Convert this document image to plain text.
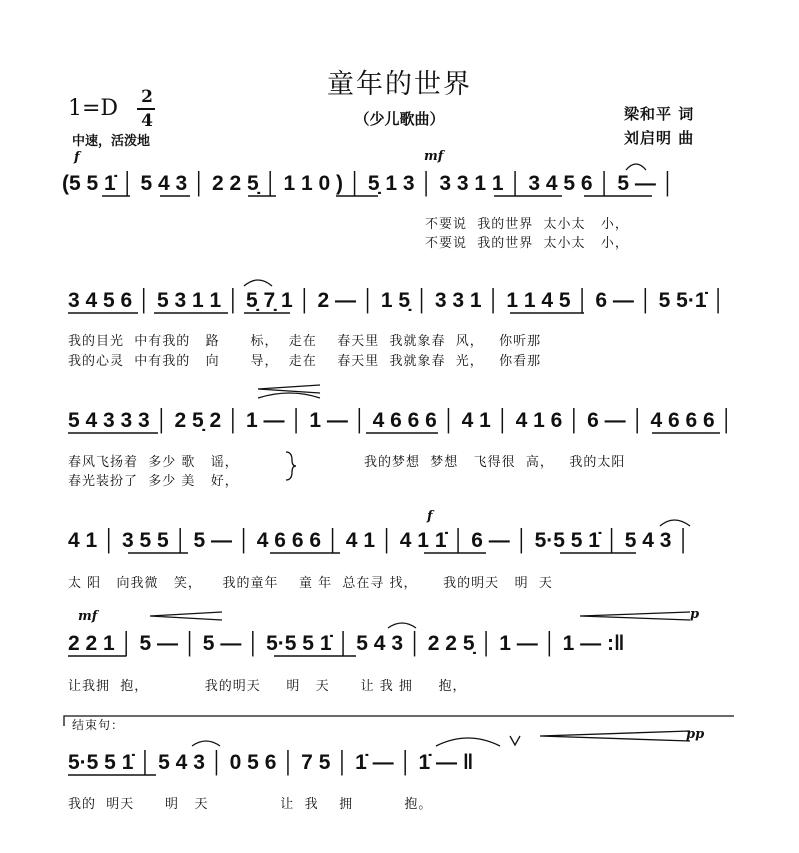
童年的世界
（少儿歌曲）
1=D 2
4
中速，活泼地
梁和平 词
刘启明 曲
f	mf
f
mf	p
pp
(5 5 1̇ │ 5 4 3 │ 2 2 5̣ │ 1 1 0 ) │ 5̣ 1 3 │ 3 3 1 1 │ 3 4 5 6 │ 5 — │
不要说  我的世界  太小太   小，
不要说  我的世界  太小太   小，
3 4 5 6 │ 5 3 1 1 │ 5̣ 7̣ 1 │ 2 — │ 1 5̣ │ 3 3 1 │ 1 1 4 5 │ 6 — │ 5 5·1̇ │
我的目光  中有我的   路      标，  走在    春天里  我就象春  风，   你听那
我的心灵  中有我的   向      导，  走在    春天里  我就象春  光，   你看那
5 4 3 3 3 │ 2 5̣ 2 │ 1 — │ 1 — │ 4 6 6 6 │ 4 1 │ 4 1 6 │ 6 — │ 4 6 6 6 │
春风飞扬着  多少 歌   谣，
春光装扮了  多少 美   好，
我的梦想  梦想   飞得很  高，   我的太阳
4 1 │ 3 5 5 │ 5 — │ 4 6 6 6 │ 4 1 │ 4 1 1̇ │ 6 — │ 5·5 5 1̇ │ 5 4 3 │
太 阳   向我微   笑，    我的童年    童 年  总在寻 找，     我的明天   明  天
2 2 1 │ 5 — │ 5 — │ 5·5 5 1̇ │ 5 4 3 │ 2 2 5̣ │ 1 — │ 1 — :‖
让我拥  抱，           我的明天     明   天      让 我 拥     抱，
结束句：
5·5 5 1̇ │ 5 4 3 │ 0 5 6 │ 7 5 │ 1̇ — │ 1̇ — ‖
我的  明天      明   天              让  我    拥          抱。
